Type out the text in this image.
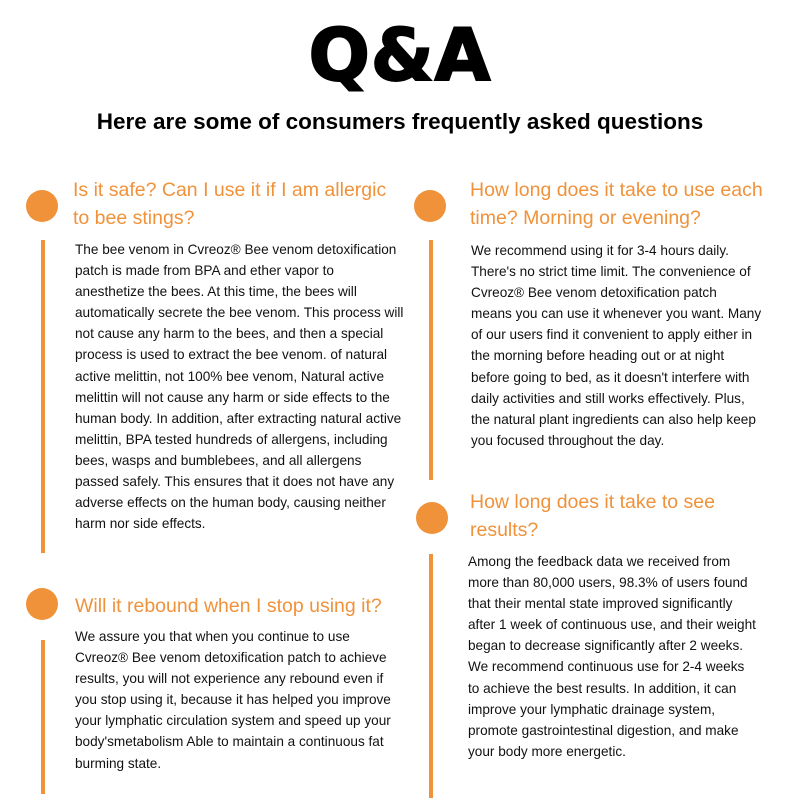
Q&A
Here are some of consumers frequently asked questions
Is it safe? Can I use it if I am allergic
to bee stings?
The bee venom in Cvreoz® Bee venom detoxification
patch is made from BPA and ether vapor to
anesthetize the bees. At this time, the bees will
automatically secrete the bee venom. This process will
not cause any harm to the bees, and then a special
process is used to extract the bee venom. of natural
active melittin, not 100% bee venom, Natural active
melittin will not cause any harm or side effects to the
human body. In addition, after extracting natural active
melittin, BPA tested hundreds of allergens, including
bees, wasps and bumblebees, and all allergens
passed safely. This ensures that it does not have any
adverse effects on the human body, causing neither
harm nor side effects.
Will it rebound when I stop using it?
We assure you that when you continue to use
Cvreoz® Bee venom detoxification patch to achieve
results, you will not experience any rebound even if
you stop using it, because it has helped you improve
your lymphatic circulation system and speed up your
body'smetabolism Able to maintain a continuous fat
burming state.
How long does it take to use each
time? Morning or evening?
We recommend using it for 3-4 hours daily.
There's no strict time limit. The convenience of
Cvreoz® Bee venom detoxification patch
means you can use it whenever you want. Many
of our users find it convenient to apply either in
the morning before heading out or at night
before going to bed, as it doesn't interfere with
daily activities and still works effectively. Plus,
the natural plant ingredients can also help keep
you focused throughout the day.
How long does it take to see
results?
Among the feedback data we received from
more than 80,000 users, 98.3% of users found
that their mental state improved significantly
after 1 week of continuous use, and their weight
began to decrease significantly after 2 weeks.
We recommend continuous use for 2-4 weeks
to achieve the best results. In addition, it can
improve your lymphatic drainage system,
promote gastrointestinal digestion, and make
your body more energetic.
